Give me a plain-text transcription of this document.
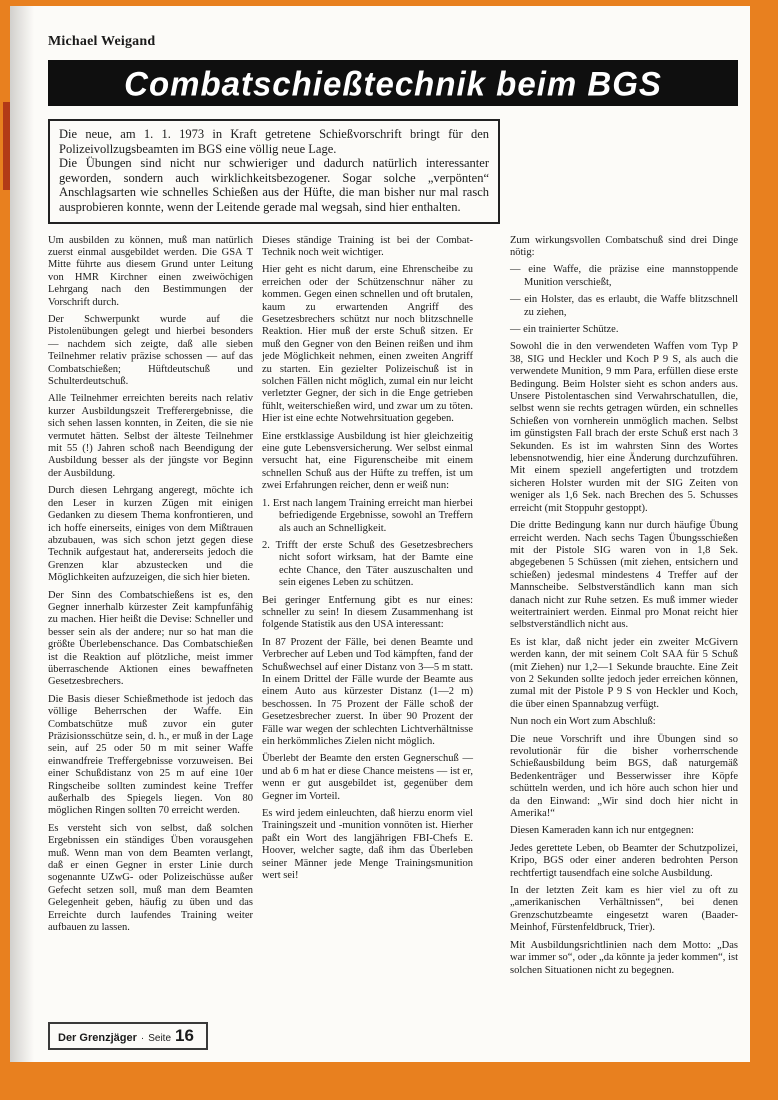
Michael Weigand

Combatschießtechnik beim BGS

Die neue, am 1. 1. 1973 in Kraft getretene Schießvorschrift bringt für den Polizeivollzugsbeamten im BGS eine völlig neue Lage.

Die Übungen sind nicht nur schwieriger und dadurch natürlich interessanter geworden, sondern auch wirklichkeitsbezogener. Sogar solche „verpönten“ Anschlagsarten wie schnelles Schießen aus der Hüfte, die man bisher nur mal rasch ausprobieren konnte, wenn der Leitende gerade mal wegsah, sind hier enthalten.

Um ausbilden zu können, muß man natürlich zuerst einmal ausgebildet werden. Die GSA T Mitte führte aus diesem Grund unter Leitung von HMR Kirchner einen zweiwöchigen Lehrgang nach den Bestimmungen der Vorschrift durch.

Der Schwerpunkt wurde auf die Pistolenübungen gelegt und hierbei besonders — nachdem sich zeigte, daß alle sieben Teilnehmer relativ präzise schossen — auf das Combatschießen; Hüftdeutschuß und Schulterdeutschuß.

Alle Teilnehmer erreichten bereits nach relativ kurzer Ausbildungszeit Trefferergebnisse, die sich sehen lassen konnten, in Zeiten, die sie nie vermutet hätten. Selbst der älteste Teilnehmer mit 55 (!) Jahren schoß nach Beendigung der Ausbildung besser als der jüngste vor Beginn der Ausbildung.

Durch diesen Lehrgang angeregt, möchte ich den Leser in kurzen Zügen mit einigen Gedanken zu diesem Thema konfrontieren, und ich hoffe einerseits, einiges von dem Mißtrauen abzubauen, was sich schon jetzt gegen diese Technik aufgestaut hat, andererseits jedoch die Grenzen klar abzustecken und die Möglichkeiten aufzuzeigen, die sich hier bieten.

Der Sinn des Combatschießens ist es, den Gegner innerhalb kürzester Zeit kampfunfähig zu machen. Hier heißt die Devise: Schneller und besser sein als der andere; nur so hat man die größte Überlebenschance. Das Combatschießen ist die Reaktion auf plötzliche, meist immer überraschende Aktionen eines bewaffneten Gesetzesbrechers.

Die Basis dieser Schießmethode ist jedoch das völlige Beherrschen der Waffe. Ein Combatschütze muß zuvor ein guter Präzisionsschütze sein, d. h., er muß in der Lage sein, auf 25 oder 50 m mit seiner Waffe einwandfreie Treffergebnisse vorzuweisen. Bei einer Schußdistanz von 25 m auf eine 10er Ringscheibe sollten zumindest keine Treffer außerhalb des Spiegels liegen. Von 80 möglichen Ringen sollten 70 erreicht werden.

Es versteht sich von selbst, daß solchen Ergebnissen ein ständiges Üben vorausgehen muß. Wenn man von dem Beamten verlangt, daß er einen Gegner in erster Linie durch sogenannte UZwG- oder Polizeischüsse außer Gefecht setzen soll, muß man dem Beamten Gelegenheit geben, häufig zu üben und das Erreichte durch laufendes Training weiter aufbauen zu lassen.

Dieses ständige Training ist bei der Combat-Technik noch weit wichtiger.

Hier geht es nicht darum, eine Ehrenscheibe zu erreichen oder der Schützenschnur näher zu kommen. Gegen einen schnellen und oft brutalen, kaum zu erwartenden Angriff des Gesetzesbrechers schützt nur noch blitzschnelle Reaktion. Hier muß der erste Schuß sitzen. Er muß den Gegner von den Beinen reißen und ihm jede Möglichkeit nehmen, einen zweiten Angriff zu starten. Ein gezielter Polizeischuß ist in solchen Fällen nicht möglich, zumal ein nur leicht verletzter Gegner, der sich in die Enge getrieben fühlt, weiterschießen wird, und zwar um zu töten. Hier ist eine echte Notwehrsituation gegeben.

Eine erstklassige Ausbildung ist hier gleichzeitig eine gute Lebensversicherung. Wer selbst einmal versucht hat, eine Figurenscheibe mit einem schnellen Schuß aus der Hüfte zu treffen, ist um zwei Erfahrungen reicher, denn er weiß nun:

1. Erst nach langem Training erreicht man hierbei befriedigende Ergebnisse, sowohl an Treffern als auch an Schnelligkeit.

2. Trifft der erste Schuß des Gesetzesbrechers nicht sofort wirksam, hat der Bamte eine echte Chance, den Täter auszuschalten und sein eigenes Leben zu schützen.

Bei geringer Entfernung gibt es nur eines: schneller zu sein! In diesem Zusammenhang ist folgende Statistik aus den USA interessant:

In 87 Prozent der Fälle, bei denen Beamte und Verbrecher auf Leben und Tod kämpften, fand der Schußwechsel auf einer Distanz von 3—5 m statt. In einem Drittel der Fälle wurde der Beamte aus einem Auto aus kürzester Distanz (1—2 m) beschossen. In 75 Prozent der Fälle schoß der Gesetzesbrecher zuerst. In über 90 Prozent der Fälle war wegen der schlechten Lichtverhältnisse ein herkömmliches Zielen nicht möglich.

Überlebt der Beamte den ersten Gegnerschuß — und ab 6 m hat er diese Chance meistens — ist er, wenn er gut ausgebildet ist, gegenüber dem Gegner im Vorteil.

Es wird jedem einleuchten, daß hierzu enorm viel Trainingszeit und -munition vonnöten ist. Hierher paßt ein Wort des langjährigen FBI-Chefs E. Hoover, welcher sagte, daß ihm das Überleben seiner Männer jede Menge Trainingsmunition wert sei!

Zum wirkungsvollen Combatschuß sind drei Dinge nötig:

— eine Waffe, die präzise eine mannstoppende Munition verschießt,

— ein Holster, das es erlaubt, die Waffe blitzschnell zu ziehen,

— ein trainierter Schütze.

Sowohl die in den verwendeten Waffen vom Typ P 38, SIG und Heckler und Koch P 9 S, als auch die verwendete Munition, 9 mm Para, erfüllen diese erste Bedingung. Beim Holster sieht es schon anders aus. Unsere Pistolentaschen sind Verwahrschatullen, die, selbst wenn sie rechts getragen würden, ein schnelles Schießen von vornherein unmöglich machen. Selbst im günstigsten Fall brach der erste Schuß erst nach 3 Sekunden. Es ist im wahrsten Sinn des Wortes lebensnotwendig, hier eine Änderung durchzuführen. Mit einem speziell angefertigten und trotzdem sicheren Holster wurden mit der SIG Zeiten von weniger als 1,6 Sek. nach Brechen des 5. Schusses erreicht (mit Stoppuhr gestoppt).

Die dritte Bedingung kann nur durch häufige Übung erreicht werden. Nach sechs Tagen Übungsschießen mit der Pistole SIG waren von in 1,8 Sek. abgegebenen 5 Schüssen (mit ziehen, entsichern und schießen) jedesmal mindestens 4 Treffer auf der Mannscheibe. Selbstverständlich kann man sich danach nicht zur Ruhe setzen. Es muß immer wieder weitertrainiert werden. Einmal pro Monat reicht hier selbstverständlich nicht aus.

Es ist klar, daß nicht jeder ein zweiter McGivern werden kann, der mit seinem Colt SAA für 5 Schuß (mit Ziehen) nur 1,2—1 Sekunde brauchte. Eine Zeit von 2 Sekunden sollte jedoch jeder erreichen können, zumal mit der Pistole P 9 S von Heckler und Koch, die über einen Spannabzug verfügt.

Nun noch ein Wort zum Abschluß:

Die neue Vorschrift und ihre Übungen sind so revolutionär für die bisher vorherrschende Schießausbildung beim BGS, daß naturgemäß Bedenkenträger und Besserwisser ihre Köpfe schütteln werden, und ich höre auch schon hier und da den Einwand: „Wir sind doch hier nicht in Amerika!“

Diesen Kameraden kann ich nur entgegnen:

Jedes gerettete Leben, ob Beamter der Schutzpolizei, Kripo, BGS oder einer anderen bedrohten Person rechtfertigt tausendfach eine solche Ausbildung.

In der letzten Zeit kam es hier viel zu oft zu „amerikanischen Verhältnissen“, bei denen Grenzschutzbeamte eingesetzt waren (Baader-Meinhof, Fürstenfeldbruck, Trier).

Mit Ausbildungsrichtlinien nach dem Motto: „Das war immer so“, oder „da könnte ja jeder kommen“, ist solchen Situationen nicht zu begegnen.

Der Grenzjäger · Seite 16
